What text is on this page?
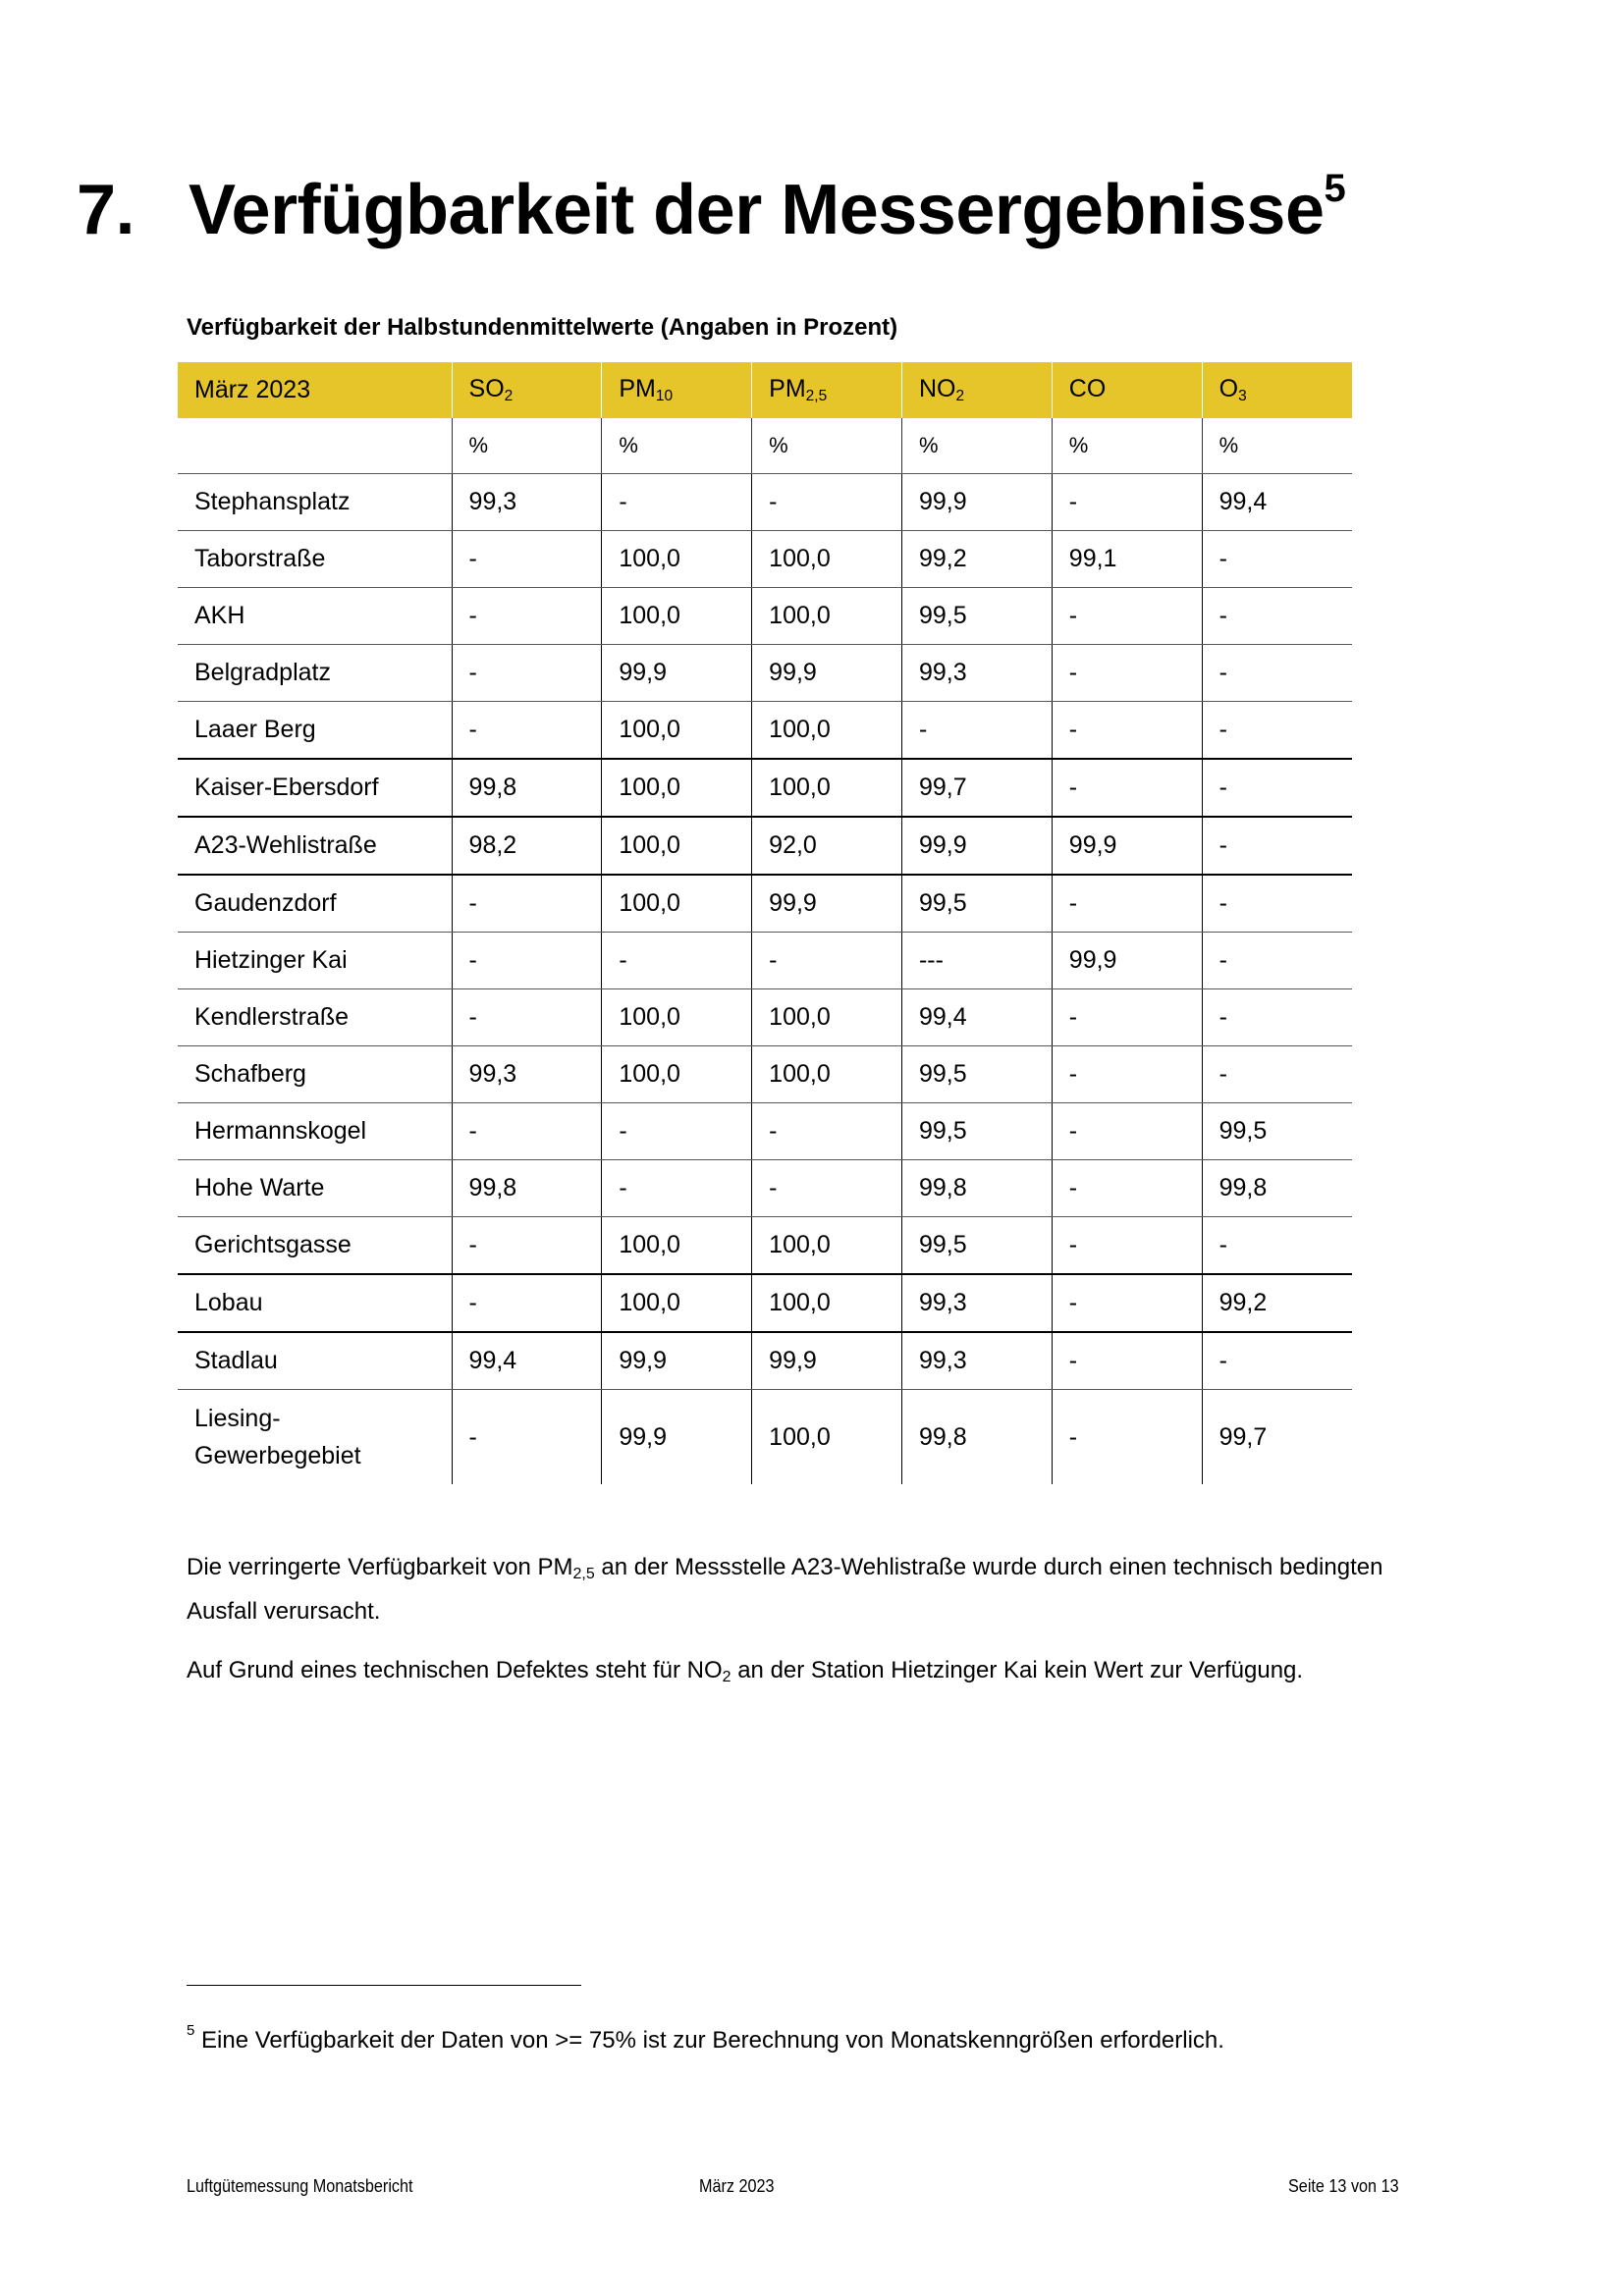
7. Verfügbarkeit der Messergebnisse$^5$
Verfügbarkeit der Halbstundenmittelwerte (Angaben in Prozent)
März 2023	$SO_2$	$PM_{10}$	$PM_{2,5}$	$NO_2$	CO	$O_3$
	%	%	%	%	%	%
Stephansplatz	99,3	-	-	99,9	-	99,4
Taborstraße	-	100,0	100,0	99,2	99,1	-
AKH	-	100,0	100,0	99,5	-	-
Belgradplatz	-	99,9	99,9	99,3	-	-
Laaer Berg	-	100,0	100,0	-	-	-
Kaiser-Ebersdorf	99,8	100,0	100,0	99,7	-	-
A23-Wehlistraße	98,2	100,0	92,0	99,9	99,9	-
Gaudenzdorf	-	100,0	99,9	99,5	-	-
Hietzinger Kai	-	-	-	---	99,9	-
Kendlerstraße	-	100,0	100,0	99,4	-	-
Schafberg	99,3	100,0	100,0	99,5	-	-
Hermannskogel	-	-	-	99,5	-	99,5
Hohe Warte	99,8	-	-	99,8	-	99,8
Gerichtsgasse	-	100,0	100,0	99,5	-	-
Lobau	-	100,0	100,0	99,3	-	99,2
Stadlau	99,4	99,9	99,9	99,3	-	-
Liesing-Gewerbegebiet	-	99,9	100,0	99,8	-	99,7

Die verringerte Verfügbarkeit von $PM_{2,5}$ an der Messstelle A23-Wehlistraße wurde durch einen technisch bedingten Ausfall verursacht.

Auf Grund eines technischen Defektes steht für $NO_2$ an der Station Hietzinger Kai kein Wert zur Verfügung.

$^5$ Eine Verfügbarkeit der Daten von >= 75% ist zur Berechnung von Monatskenngrößen erforderlich.

Luftgütemessung Monatsbericht	März 2023	Seite 13 von 13
